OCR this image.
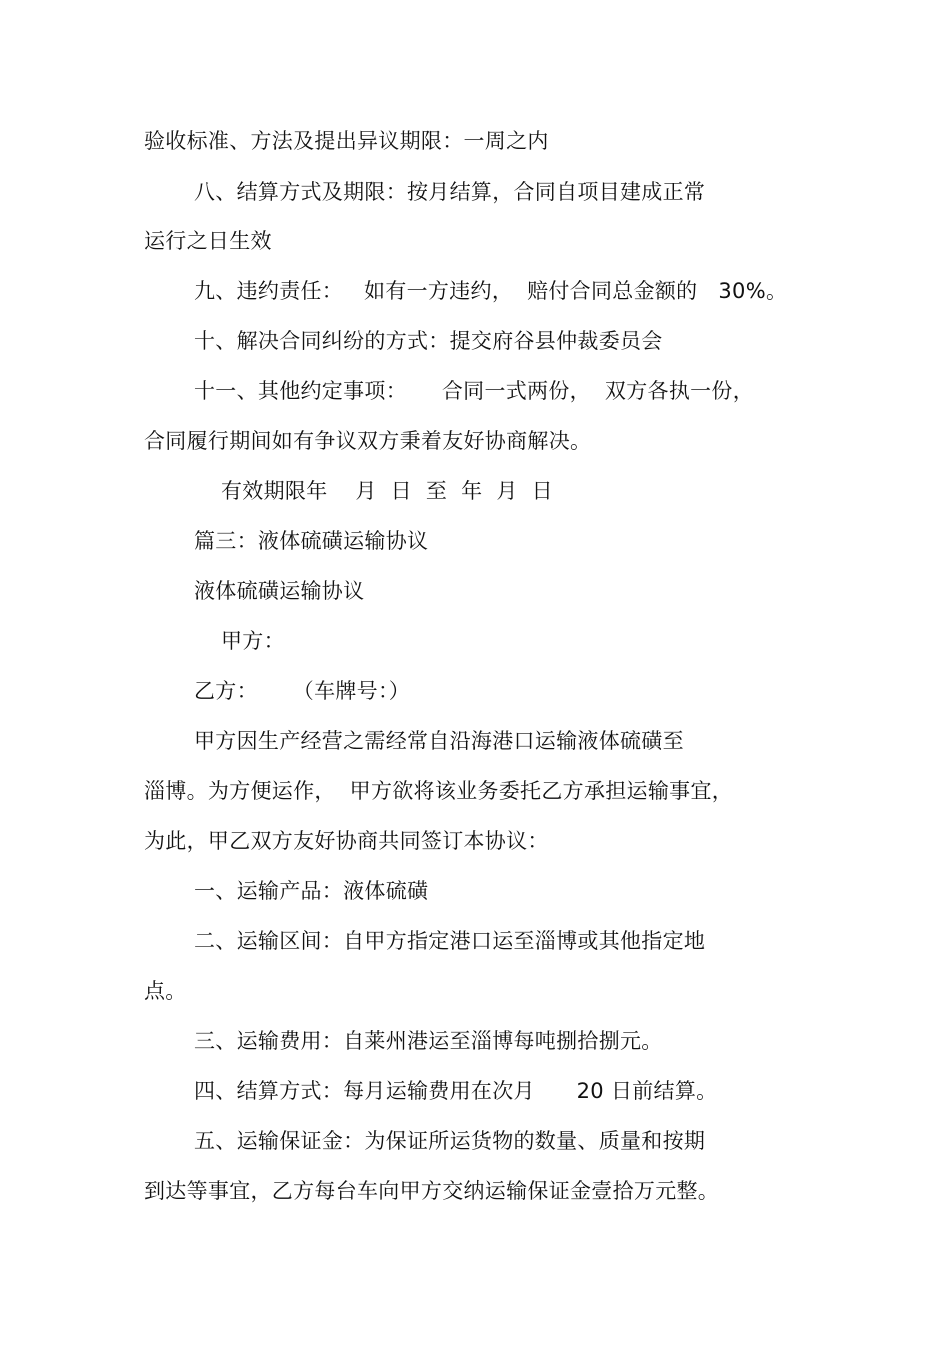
验收标准、方法及提出异议期限：一周之内
八、结算方式及期限：按月结算，合同自项目建成正常
运行之日生效
九、违约责任：   如有一方违约，  赔付合同总金额的   30%。
十、解决合同纠纷的方式：提交府谷县仲裁委员会
十一、其他约定事项：     合同一式两份，  双方各执一份，
合同履行期间如有争议双方秉着友好协商解决。
有效期限年    月  日  至  年  月  日
篇三：液体硫磺运输协议
液体硫磺运输协议
甲方：
乙方：     （车牌号：）
甲方因生产经营之需经常自沿海港口运输液体硫磺至
淄博。为方便运作，  甲方欲将该业务委托乙方承担运输事宜，
为此，甲乙双方友好协商共同签订本协议：
一、运输产品：液体硫磺
二、运输区间：自甲方指定港口运至淄博或其他指定地
点。
三、运输费用：自莱州港运至淄博每吨捌拾捌元。
四、结算方式：每月运输费用在次月      20 日前结算。
五、运输保证金：为保证所运货物的数量、质量和按期
到达等事宜，乙方每台车向甲方交纳运输保证金壹拾万元整。
